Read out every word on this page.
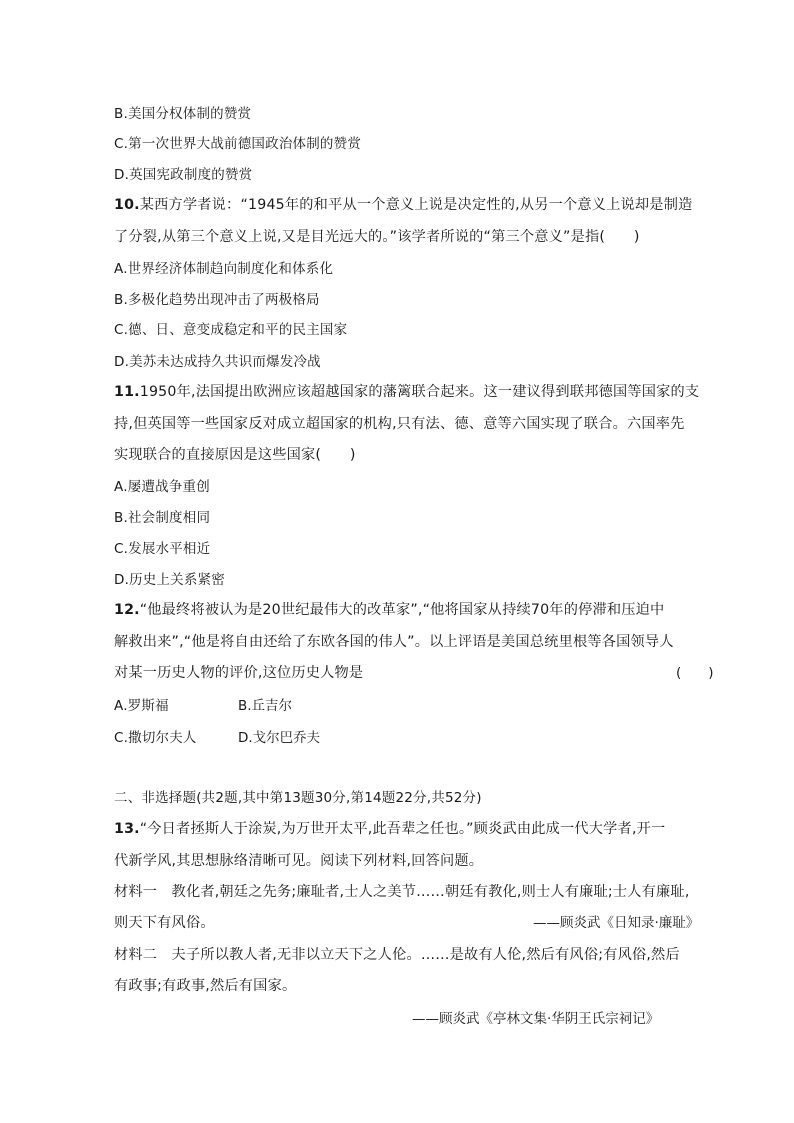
B.美国分权体制的赞赏
C.第一次世界大战前德国政治体制的赞赏
D.英国宪政制度的赞赏
10.某西方学者说：“1945年的和平从一个意义上说是决定性的,从另一个意义上说却是制造
了分裂,从第三个意义上说,又是目光远大的。”该学者所说的“第三个意义”是指(　　)
A.世界经济体制趋向制度化和体系化
B.多极化趋势出现冲击了两极格局
C.德、日、意变成稳定和平的民主国家
D.美苏未达成持久共识而爆发冷战
11.1950年,法国提出欧洲应该超越国家的藩篱联合起来。这一建议得到联邦德国等国家的支
持,但英国等一些国家反对成立超国家的机构,只有法、德、意等六国实现了联合。六国率先
实现联合的直接原因是这些国家(　　)
A.屡遭战争重创
B.社会制度相同
C.发展水平相近
D.历史上关系紧密
12.“他最终将被认为是20世纪最伟大的改革家”,“他将国家从持续70年的停滞和压迫中
解救出来”,“他是将自由还给了东欧各国的伟人”。以上评语是美国总统里根等各国领导人
对某一历史人物的评价,这位历史人物是	(　　)
A.罗斯福	B.丘吉尔
C.撒切尔夫人	D.戈尔巴乔夫
二、非选择题(共2题,其中第13题30分,第14题22分,共52分)
13.“今日者拯斯人于涂炭,为万世开太平,此吾辈之任也。”顾炎武由此成一代大学者,开一
代新学风,其思想脉络清晰可见。阅读下列材料,回答问题。
材料一　教化者,朝廷之先务;廉耻者,士人之美节……朝廷有教化,则士人有廉耻;士人有廉耻,
则天下有风俗。	——顾炎武《日知录·廉耻》
材料二　夫子所以教人者,无非以立天下之人伦。……是故有人伦,然后有风俗;有风俗,然后
有政事;有政事,然后有国家。
——顾炎武《亭林文集·华阴王氏宗祠记》
